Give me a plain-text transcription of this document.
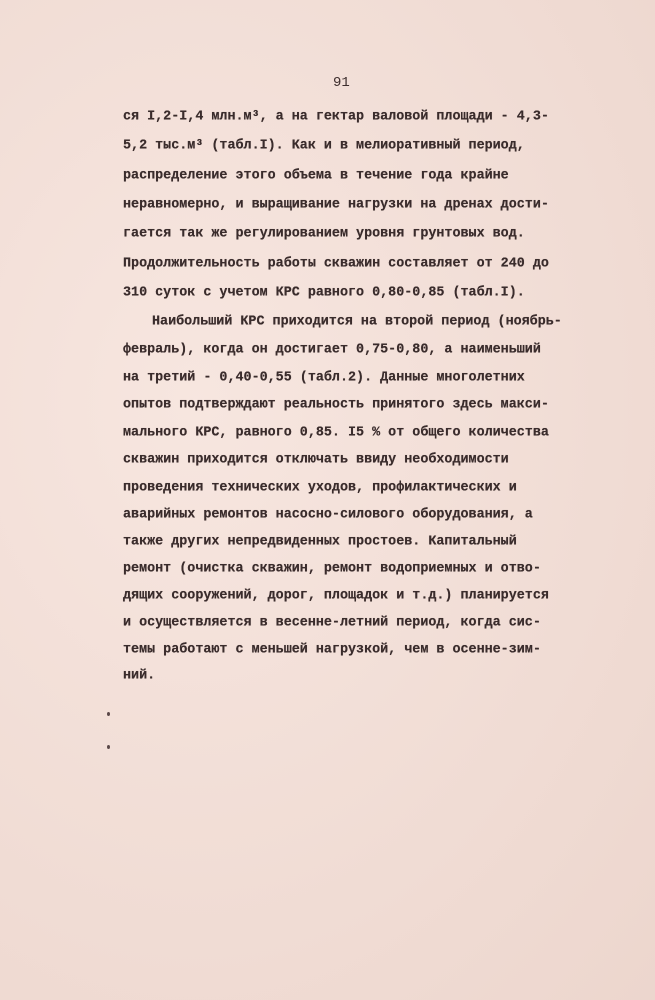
91
ся I,2-I,4 млн.м³, а на гектар валовой площади - 4,3-
5,2 тыс.м³ (табл.I). Как и в мелиоративный период,
распределение этого объема в течение года крайне
неравномерно, и выращивание нагрузки на дренах дости-
гается так же регулированием уровня грунтовых вод.
Продолжительность работы скважин составляет от 240 до
310 суток с учетом КРС равного 0,80-0,85 (табл.I).
Наибольший КРС приходится на второй период (ноябрь-
февраль), когда он достигает 0,75-0,80, а наименьший
на третий - 0,40-0,55 (табл.2). Данные многолетних
опытов подтверждают реальность принятого здесь макси-
мального КРС, равного 0,85. I5 % от общего количества
скважин приходится отключать ввиду необходимости
проведения технических уходов, профилактических и
аварийных ремонтов насосно-силового оборудования, а
также других непредвиденных простоев. Капитальный
ремонт (очистка скважин, ремонт водоприемных и отво-
дящих сооружений, дорог, площадок и т.д.) планируется
и осуществляется в весенне-летний период, когда сис-
темы работают с меньшей нагрузкой, чем в осенне-зим-
ний.
